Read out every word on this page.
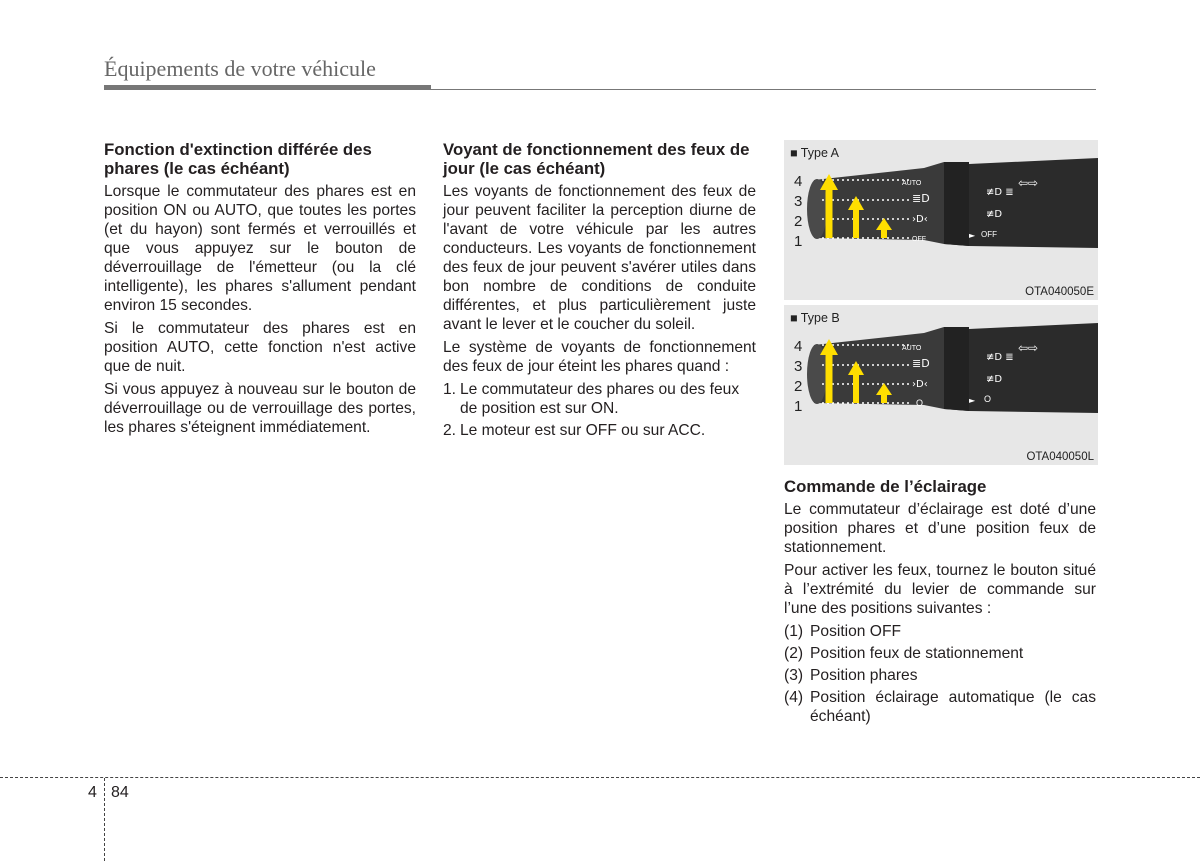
Équipements de votre véhicule
Fonction d'extinction différée des phares (le cas échéant)

Lorsque le commutateur des phares est en position ON ou AUTO, que toutes les portes (et du hayon) sont fermés et verrouillés et que vous appuyez sur le bouton de déverrouillage de l'émetteur (ou la clé intelligente), les phares s'allument pendant environ 15 secondes.

Si le commutateur des phares est en position AUTO, cette fonction n'est active que de nuit.

Si vous appuyez à nouveau sur le bouton de déverrouillage ou de verrouillage des portes, les phares s'éteignent immédiatement.

Voyant de fonctionnement des feux de jour (le cas échéant)

Les voyants de fonctionnement des feux de jour peuvent faciliter la perception diurne de l'avant de votre véhicule par les autres conducteurs. Les voyants de fonctionnement des feux de jour peuvent s'avérer utiles dans bon nombre de conditions de conduite différentes, et plus particulièrement juste avant le lever et le coucher du soleil.

Le système de voyants de fonctionnement des feux de jour éteint les phares quand :

1. Le commutateur des phares ou des feux de position est sur ON.
2. Le moteur est sur OFF ou sur ACC.
AUTO
OFF
OFF
≣D
›D‹
≢D ≣
≢D
⇦⇨
►
4
3
2
1
■ Type A
OTA040050E
AUTO
O	O
≣D
›D‹
≢D ≣
≢D
⇦⇨
►
4
3
2
1
■ Type B
OTA040050L
Commande de l’éclairage

Le commutateur d’éclairage est doté d’une position phares et d’une position feux de stationnement.

Pour activer les feux, tournez le bouton situé à l’extrémité du levier de commande sur l’une des positions suivantes :

(1) Position OFF
(2) Position feux de stationnement
(3) Position phares
(4) Position éclairage automatique (le cas échéant)
4 84
